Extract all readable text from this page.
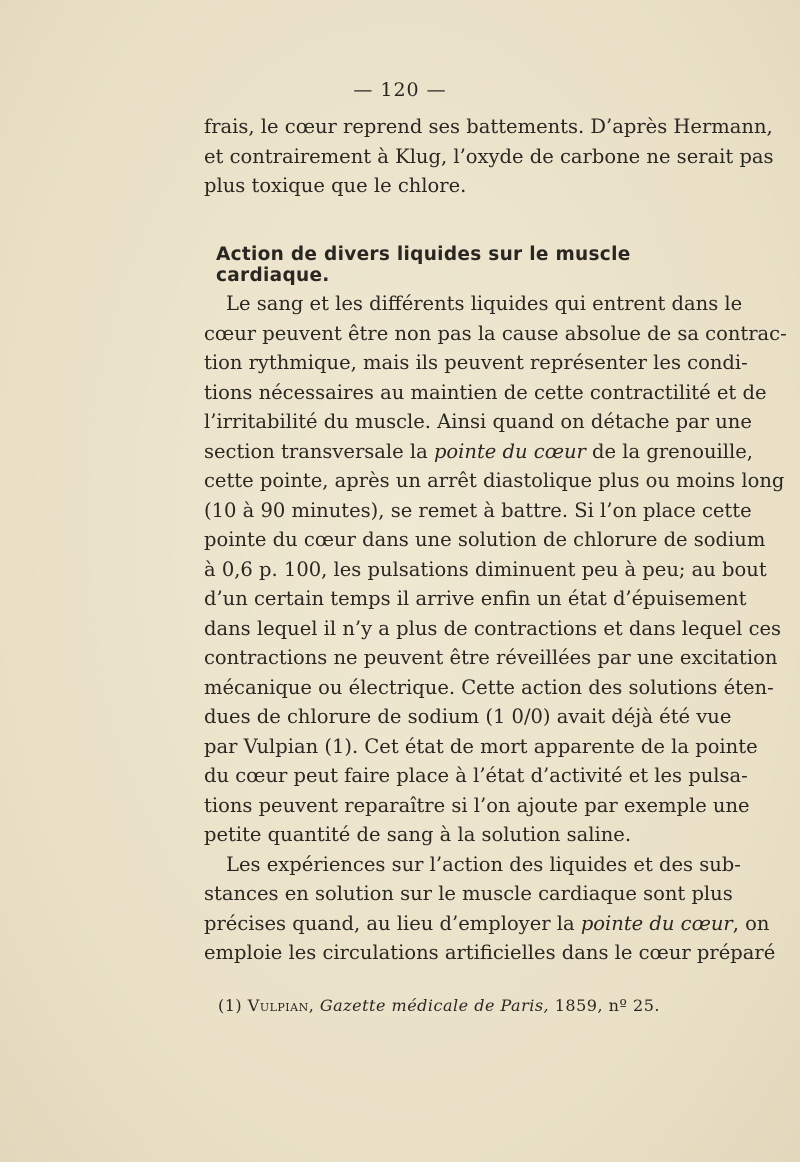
— 120 —
frais, le cœur reprend ses battements. D’après Hermann,
et contrairement à Klug, l’oxyde de carbone ne serait pas
plus toxique que le chlore.
Action de divers liquides sur le muscle cardiaque.
Le sang et les différents liquides qui entrent dans le
cœur peuvent être non pas la cause absolue de sa contrac-
tion rythmique, mais ils peuvent représenter les condi-
tions nécessaires au maintien de cette contractilité et de
l’irritabilité du muscle. Ainsi quand on détache par une
section transversale la pointe du cœur de la grenouille,
cette pointe, après un arrêt diastolique plus ou moins long
(10 à 90 minutes), se remet à battre. Si l’on place cette
pointe du cœur dans une solution de chlorure de sodium
à 0,6 p. 100, les pulsations diminuent peu à peu; au bout
d’un certain temps il arrive enfin un état d’épuisement
dans lequel il n’y a plus de contractions et dans lequel ces
contractions ne peuvent être réveillées par une excitation
mécanique ou électrique. Cette action des solutions éten-
dues de chlorure de sodium (1 0/0) avait déjà été vue
par Vulpian (1). Cet état de mort apparente de la pointe
du cœur peut faire place à l’état d’activité et les pulsa-
tions peuvent reparaître si l’on ajoute par exemple une
petite quantité de sang à la solution saline.
Les expériences sur l’action des liquides et des sub-
stances en solution sur le muscle cardiaque sont plus
précises quand, au lieu d’employer la pointe du cœur, on
emploie les circulations artificielles dans le cœur préparé
(1) Vulpian, Gazette médicale de Paris, 1859, nº 25.
